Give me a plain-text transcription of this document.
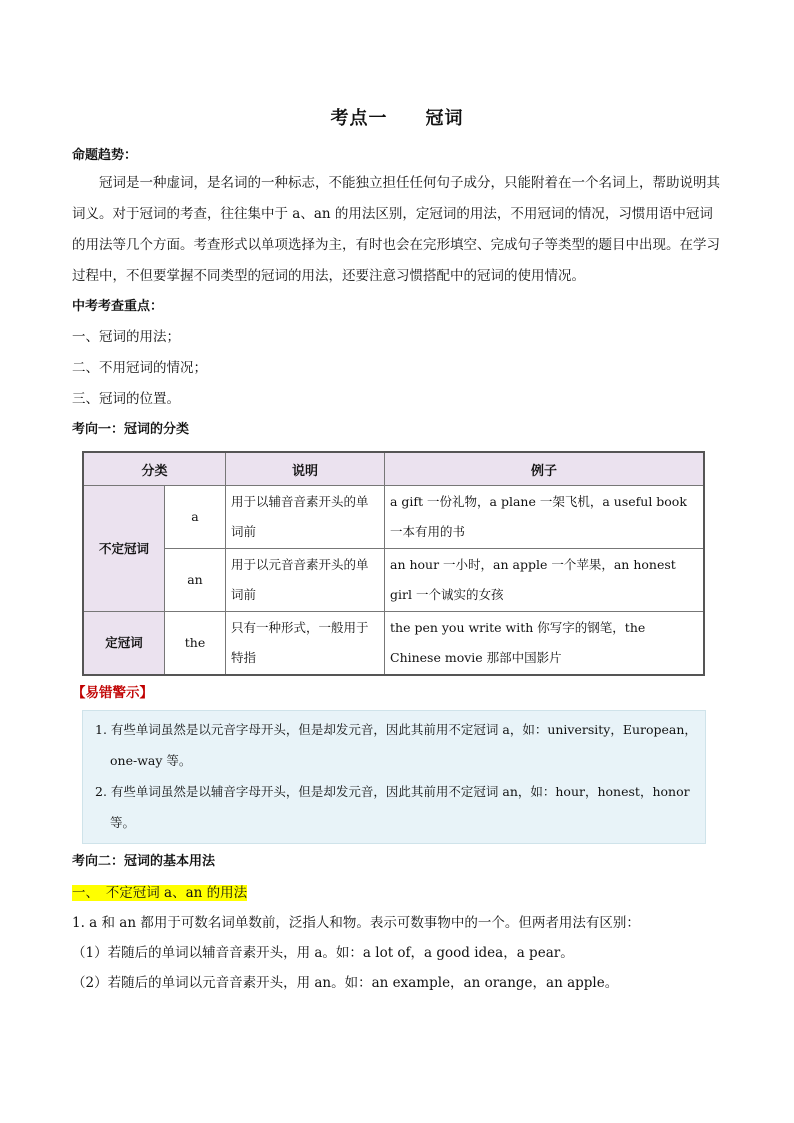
考点一　　冠词
命题趋势：

冠词是一种虚词，是名词的一种标志，不能独立担任任何句子成分，只能附着在一个名词上，帮助说明其词义。对于冠词的考查，往往集中于 a、an 的用法区别，定冠词的用法，不用冠词的情况，习惯用语中冠词的用法等几个方面。考查形式以单项选择为主，有时也会在完形填空、完成句子等类型的题目中出现。在学习过程中，不但要掌握不同类型的冠词的用法，还要注意习惯搭配中的冠词的使用情况。

中考考查重点：

一、冠词的用法；

二、不用冠词的情况；

三、冠词的位置。

考向一：冠词的分类
分类		说明	例子
不定冠词	a	用于以辅音音素开头的单词前	a gift 一份礼物，a plane 一架飞机，a useful book 一本有用的书
	an	用于以元音音素开头的单词前	an hour 一小时，an apple 一个苹果，an honest girl 一个诚实的女孩
定冠词	the	只有一种形式，一般用于特指	the pen you write with 你写字的钢笔，the Chinese movie 那部中国影片
【易错警示】

1. 有些单词虽然是以元音字母开头，但是却发元音，因此其前用不定冠词 a，如：university，European，one-way 等。

2. 有些单词虽然是以辅音字母开头，但是却发元音，因此其前用不定冠词 an，如：hour，honest，honor 等。

考向二：冠词的基本用法

一、　不定冠词 a、an 的用法

1. a 和 an 都用于可数名词单数前，泛指人和物。表示可数事物中的一个。但两者用法有区别：

（1）若随后的单词以辅音音素开头，用 a。如：a lot of，a good idea，a pear。

（2）若随后的单词以元音音素开头，用 an。如：an example，an orange，an apple。
